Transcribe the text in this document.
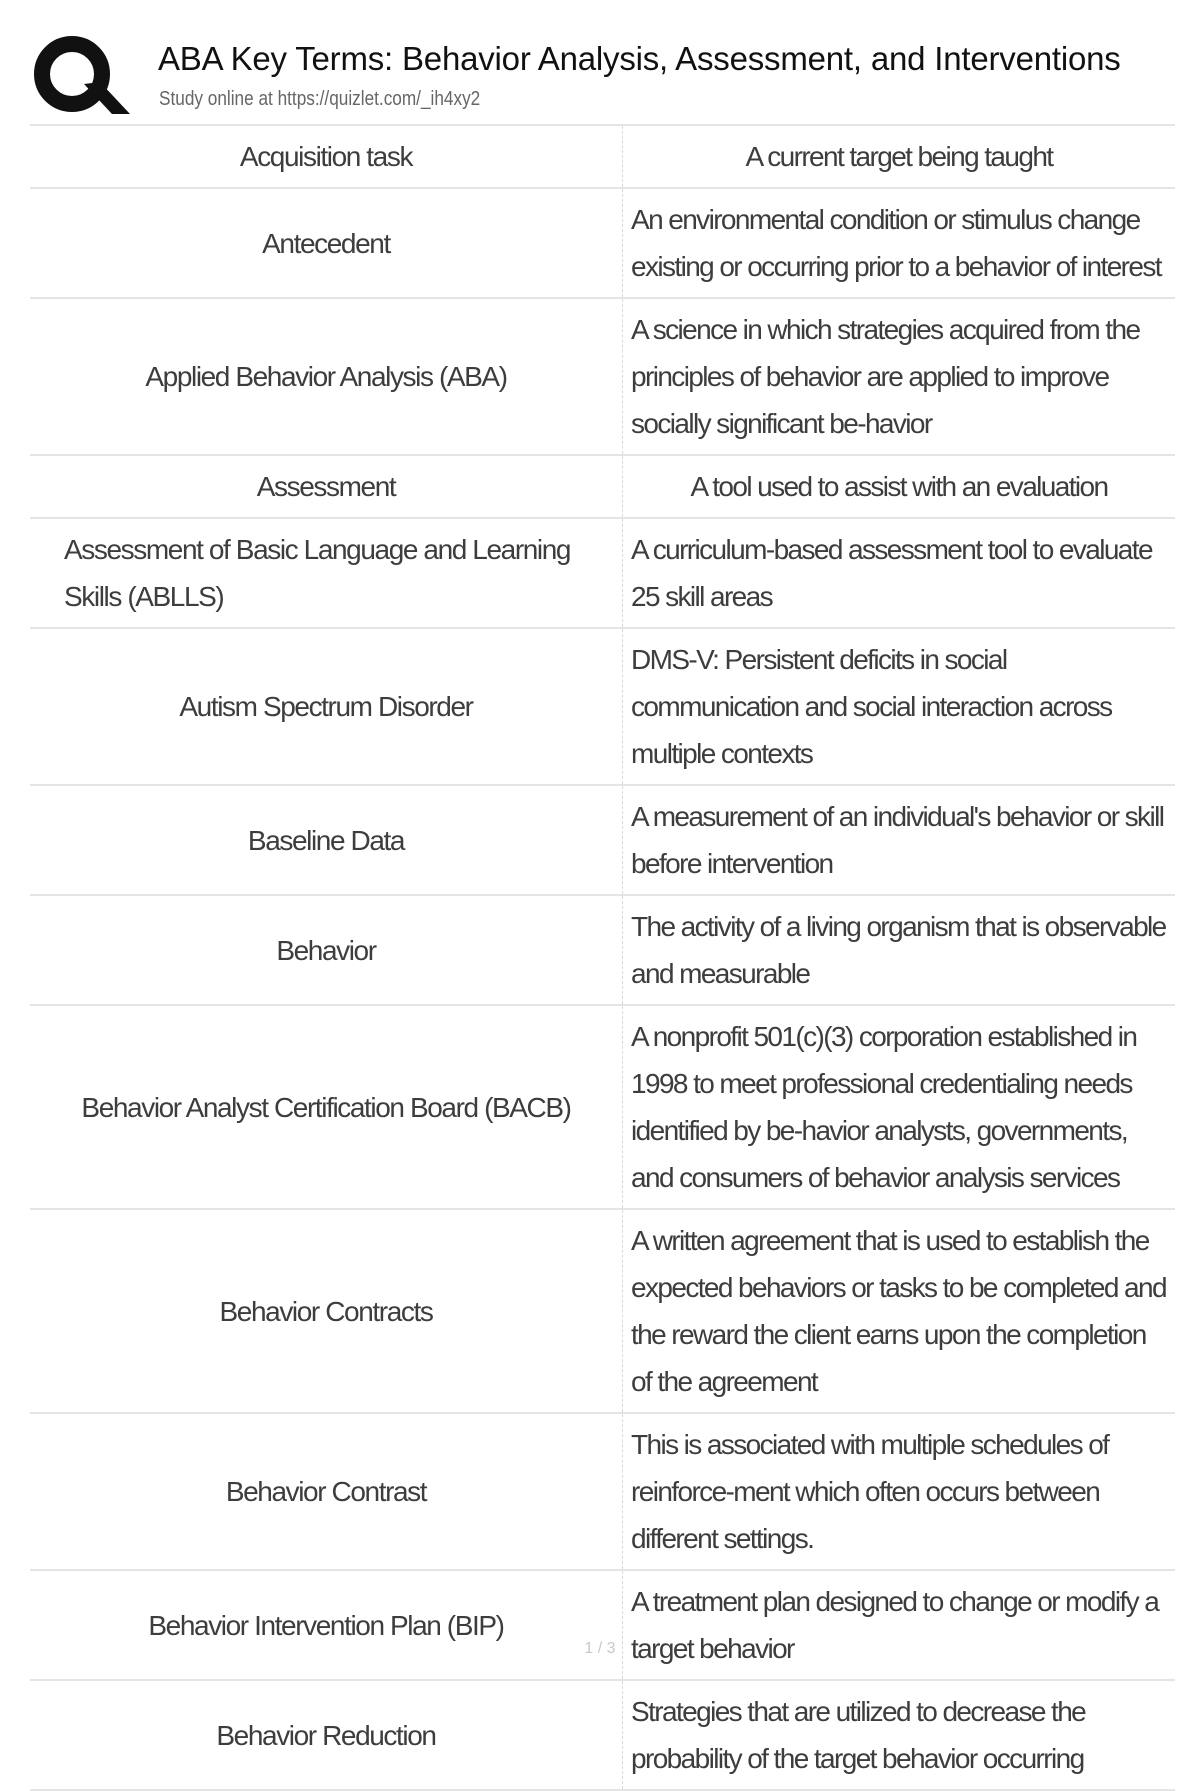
ABA Key Terms: Behavior Analysis, Assessment, and Interventions
Study online at https://quizlet.com/_ih4xy2
Acquisition task	A current target being taught
Antecedent	An environmental condition or stimulus change existing or occurring prior to a behavior of interest
Applied Behavior Analysis (ABA)	A science in which strategies acquired from the principles of behavior are applied to improve socially significant be-havior
Assessment	A tool used to assist with an evaluation
Assessment of Basic Language and Learning Skills (ABLLS)	A curriculum-based assessment tool to evaluate 25 skill areas
Autism Spectrum Disorder	DMS-V: Persistent deficits in social communication and social interaction across multiple contexts
Baseline Data	A measurement of an individual's behavior or skill before intervention
Behavior	The activity of a living organism that is observable and measurable
Behavior Analyst Certification Board (BACB)	A nonprofit 501(c)(3) corporation established in 1998 to meet professional credentialing needs identified by be-havior analysts, governments, and consumers of behavior analysis services
Behavior Contracts	A written agreement that is used to establish the expected behaviors or tasks to be completed and the reward the client earns upon the completion of the agreement
Behavior Contrast	This is associated with multiple schedules of reinforce-ment which often occurs between different settings.
Behavior Intervention Plan (BIP)	A treatment plan designed to change or modify a target behavior
Behavior Reduction	Strategies that are utilized to decrease the probability of the target behavior occurring
1 / 3
